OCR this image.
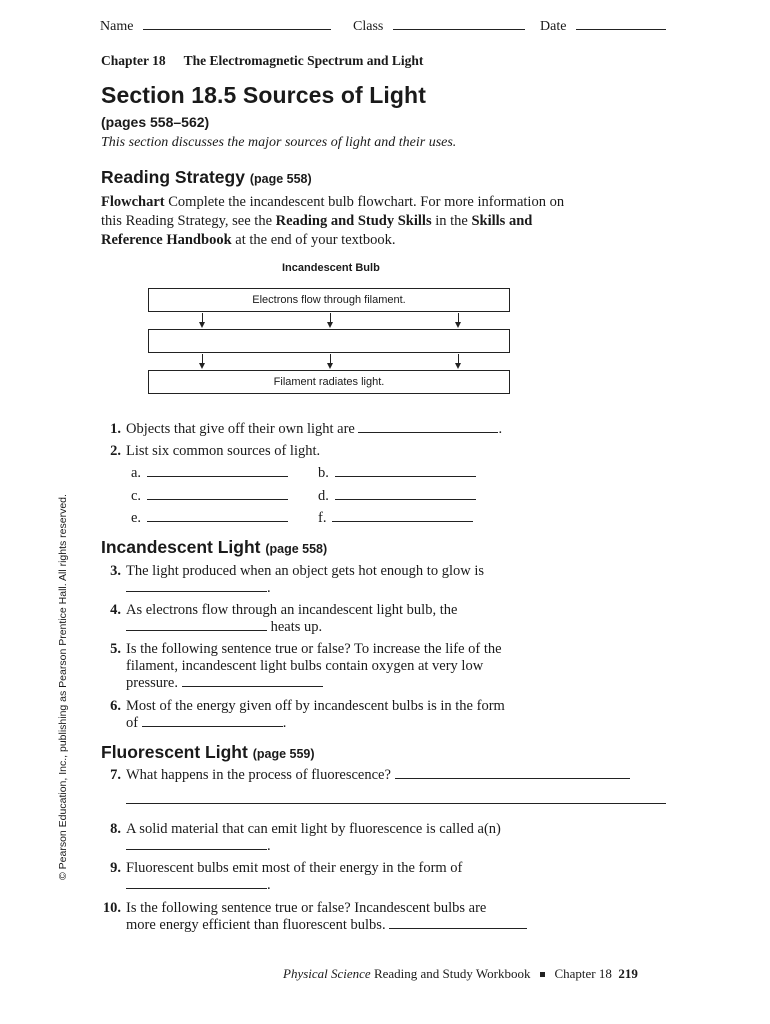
Name	Class	Date
Chapter 18 The Electromagnetic Spectrum and Light
Section 18.5 Sources of Light
(pages 558–562)
This section discusses the major sources of light and their uses.
Reading Strategy (page 558)
Flowchart Complete the incandescent bulb flowchart. For more information on this Reading Strategy, see the Reading and Study Skills in the Skills and Reference Handbook at the end of your textbook.
Incandescent Bulb
Electrons flow through filament.
Filament radiates light.
1. Objects that give off their own light are	.
2. List six common sources of light.
a.	b.
c.	d.
e.	f.
Incandescent Light (page 558)
3. The light produced when an object gets hot enough to glow is
.
4. As electrons flow through an incandescent light bulb, the
heats up.
5. Is the following sentence true or false? To increase the life of the
filament, incandescent light bulbs contain oxygen at very low
pressure.
6. Most of the energy given off by incandescent bulbs is in the form
of	.
Fluorescent Light (page 559)
7. What happens in the process of fluorescence?
8. A solid material that can emit light by fluorescence is called a(n)
.
9. Fluorescent bulbs emit most of their energy in the form of
.
10. Is the following sentence true or false? Incandescent bulbs are
more energy efficient than fluorescent bulbs.
© Pearson Education, Inc., publishing as Pearson Prentice Hall. All rights reserved.
Physical Science Reading and Study Workbook Chapter 18 219
